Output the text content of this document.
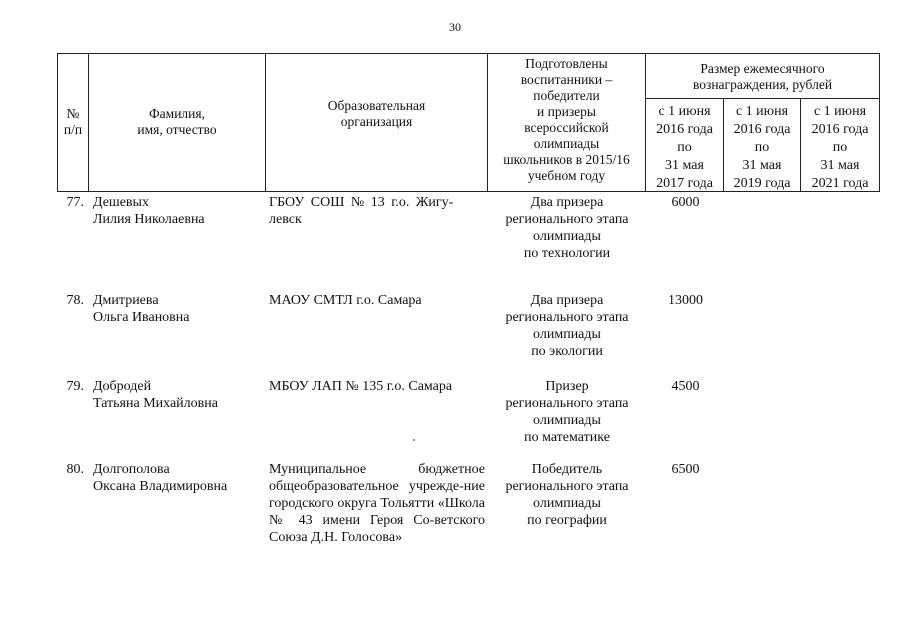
30
№
п/п
Фамилия,
имя, отчество
Образовательная
организация
Подготовлены
воспитанники –
победители
и призеры
всероссийской
олимпиады
школьников в 2015/16
учебном году
Размер ежемесячного
вознаграждения, рублей
с 1 июня
2016 года
по
31 мая
2017 года
с 1 июня
2016 года
по
31 мая
2019 года
с 1 июня
2016 года
по
31 мая
2021 года
77. Дешевых
Лилия Николаевна
ГБОУ СОШ № 13 г.о. Жигу-
левск
Два призера
регионального этапа
олимпиады
по технологии
6000
78. Дмитриева
Ольга Ивановна
МАОУ СМТЛ г.о. Самара	Два призера
регионального этапа
олимпиады
по экологии
13000
79. Добродей
Татьяна Михайловна
МБОУ ЛАП № 135 г.о. Самара	Призер
регионального этапа
олимпиады
по математике
4500
80. Долгополова
Оксана Владимировна
Муниципальное бюджетное общеобразовательное учрежде-ние городского округа Тольятти «Школа № 43 имени Героя Со-ветского Союза Д.Н. Голосова»
Победитель
регионального этапа
олимпиады
по географии
6500
